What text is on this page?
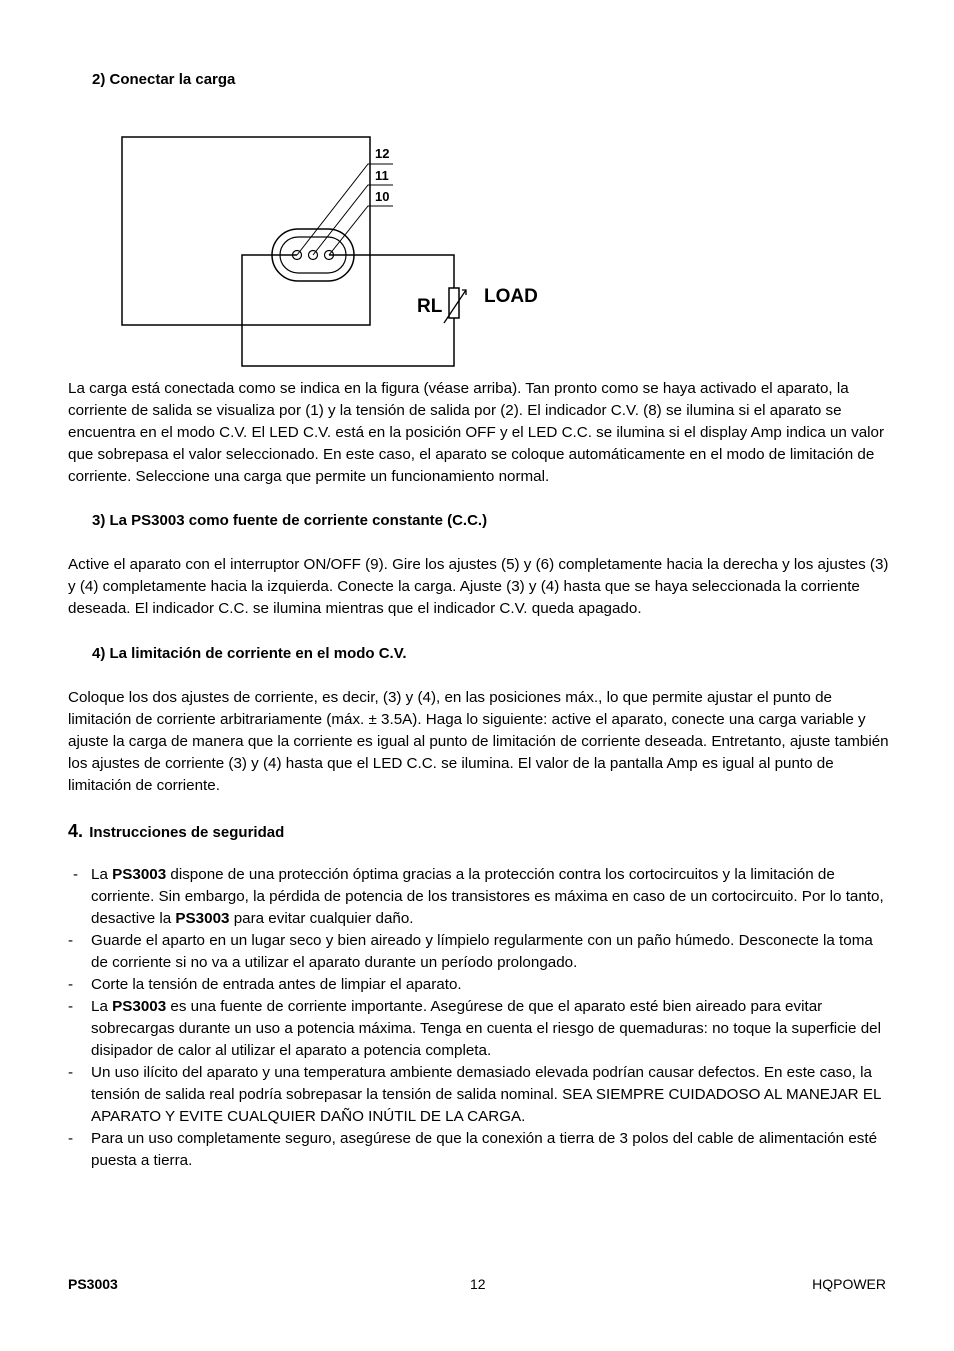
2) Conectar la carga
12
11
10
RL LOAD

La carga está conectada como se indica en la figura (véase arriba). Tan pronto como se haya activado el aparato, la corriente de salida se visualiza por (1) y la tensión de salida por (2). El indicador C.V. (8) se ilumina si el aparato se encuentra en el modo C.V. El LED C.V. está en la posición OFF y el LED C.C. se ilumina si el display Amp indica un valor que sobrepasa el valor seleccionado. En este caso, el aparato se coloque automáticamente en el modo de limitación de corriente. Seleccione una carga que permite un funcionamiento normal.

3) La PS3003 como fuente de corriente constante (C.C.)

Active el aparato con el interruptor ON/OFF (9). Gire los ajustes (5) y (6) completamente hacia la derecha y los ajustes (3) y (4) completamente hacia la izquierda. Conecte la carga. Ajuste (3) y (4) hasta que se haya seleccionada la corriente deseada. El indicador C.C. se ilumina mientras que el indicador C.V. queda apagado.

4) La limitación de corriente en el modo C.V.

Coloque los dos ajustes de corriente, es decir, (3) y (4), en las posiciones máx., lo que permite ajustar el punto de limitación de corriente arbitrariamente (máx. ± 3.5A). Haga lo siguiente: active el aparato, conecte una carga variable y ajuste la carga de manera que la corriente es igual al punto de limitación de corriente deseada. Entretanto, ajuste también los ajustes de corriente (3) y (4) hasta que el LED C.C. se ilumina. El valor de la pantalla Amp es igual al punto de limitación de corriente.

4. Instrucciones de seguridad
- La PS3003 dispone de una protección óptima gracias a la protección contra los cortocircuitos y la limitación de corriente. Sin embargo, la pérdida de potencia de los transistores es máxima en caso de un cortocircuito. Por lo tanto, desactive la PS3003 para evitar cualquier daño.
- Guarde el aparto en un lugar seco y bien aireado y límpielo regularmente con un paño húmedo. Desconecte la toma de corriente si no va a utilizar el aparato durante un período prolongado.
- Corte la tensión de entrada antes de limpiar el aparato.
- La PS3003 es una fuente de corriente importante. Asegúrese de que el aparato esté bien aireado para evitar sobrecargas durante un uso a potencia máxima. Tenga en cuenta el riesgo de quemaduras: no toque la superficie del disipador de calor al utilizar el aparato a potencia completa.
- Un uso ilícito del aparato y una temperatura ambiente demasiado elevada podrían causar defectos. En este caso, la tensión de salida real podría sobrepasar la tensión de salida nominal. SEA SIEMPRE CUIDADOSO AL MANEJAR EL APARATO Y EVITE CUALQUIER DAÑO INÚTIL DE LA CARGA.
- Para un uso completamente seguro, asegúrese de que la conexión a tierra de 3 polos del cable de alimentación esté puesta a tierra.
PS3003	12	HQPOWER
